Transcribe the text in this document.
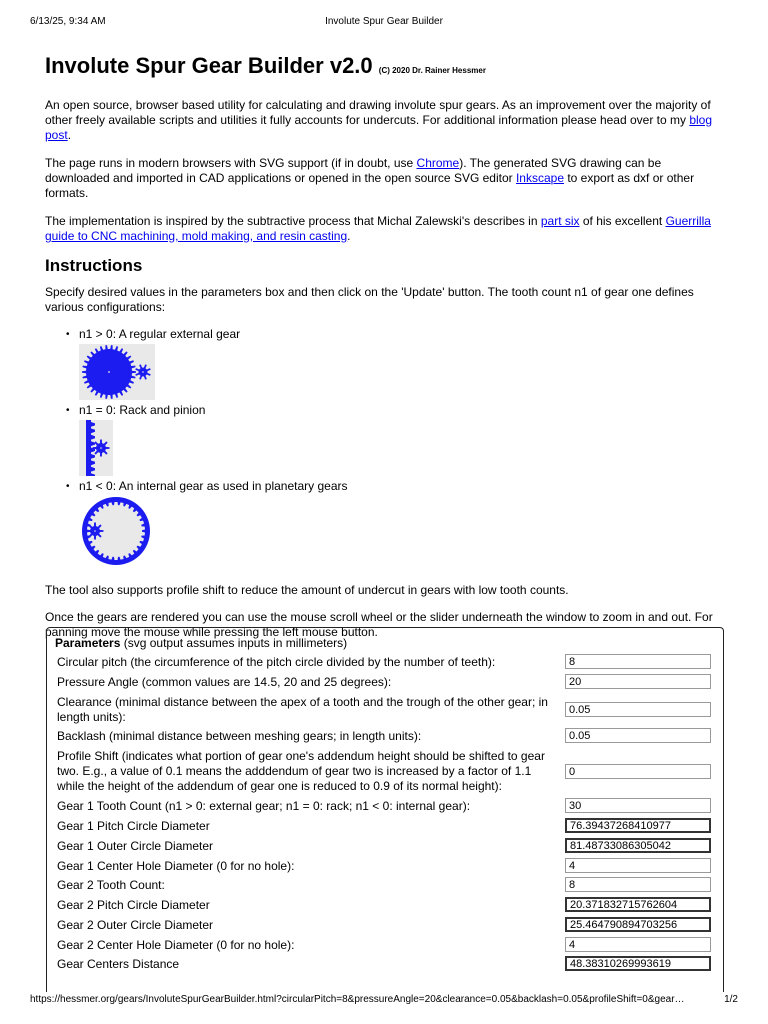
6/13/25, 9:34 AM	Involute Spur Gear Builder
Involute Spur Gear Builder v2.0 (C) 2020 Dr. Rainer Hessmer

An open source, browser based utility for calculating and drawing involute spur gears. As an improvement over the majority of other freely available scripts and utilities it fully accounts for undercuts. For additional information please head over to my blog post.

The page runs in modern browsers with SVG support (if in doubt, use Chrome). The generated SVG drawing can be downloaded and imported in CAD applications or opened in the open source SVG editor Inkscape to export as dxf or other formats.

The implementation is inspired by the subtractive process that Michal Zalewski's describes in part six of his excellent Guerrilla guide to CNC machining, mold making, and resin casting.

Instructions

Specify desired values in the parameters box and then click on the 'Update' button. The tooth count n1 of gear one defines various configurations:

• n1 > 0: A regular external gear
• n1 = 0: Rack and pinion
• n1 < 0: An internal gear as used in planetary gears

The tool also supports profile shift to reduce the amount of undercut in gears with low tooth counts.

Once the gears are rendered you can use the mouse scroll wheel or the slider underneath the window to zoom in and out. For panning move the mouse while pressing the left mouse button.

Parameters (svg output assumes inputs in millimeters)
Circular pitch (the circumference of the pitch circle divided by the number of teeth):
8
Pressure Angle (common values are 14.5, 20 and 25 degrees):
20
Clearance (minimal distance between the apex of a tooth and the trough of the other gear; in length units):
0.05
Backlash (minimal distance between meshing gears; in length units):
0.05
Profile Shift (indicates what portion of gear one's addendum height should be shifted to gear two. E.g., a value of 0.1 means the adddendum of gear two is increased by a factor of 1.1 while the height of the addendum of gear one is reduced to 0.9 of its normal height):
0
Gear 1 Tooth Count (n1 > 0: external gear; n1 = 0: rack; n1 < 0: internal gear):
30
Gear 1 Pitch Circle Diameter
76.39437268410977
Gear 1 Outer Circle Diameter
81.48733086305042
Gear 1 Center Hole Diameter (0 for no hole):
4
Gear 2 Tooth Count:
8
Gear 2 Pitch Circle Diameter
20.371832715762604
Gear 2 Outer Circle Diameter
25.464790894703256
Gear 2 Center Hole Diameter (0 for no hole):
4
Gear Centers Distance
48.38310269993619
https://hessmer.org/gears/InvoluteSpurGearBuilder.html?circularPitch=8&pressureAngle=20&clearance=0.05&backlash=0.05&profileShift=0&gear…	1/2
